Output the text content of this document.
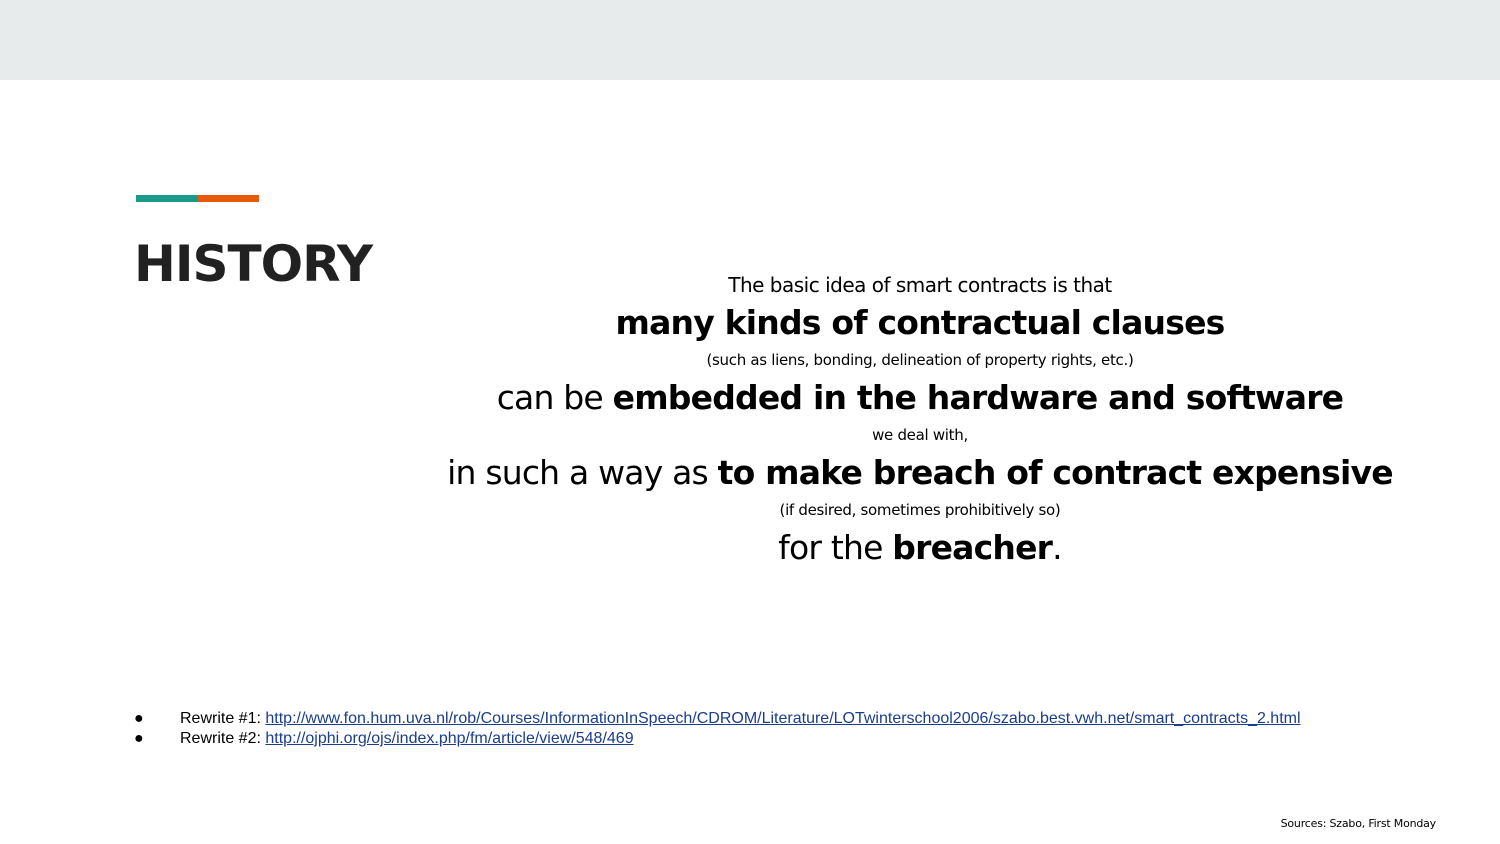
HISTORY	The basic idea of smart contracts is that
many kinds of contractual clauses
(such as liens, bonding, delineation of property rights, etc.)
can be embedded in the hardware and software
we deal with,
in such a way as to make breach of contract expensive
(if desired, sometimes prohibitively so)
for the breacher.
● Rewrite #1: http://www.fon.hum.uva.nl/rob/Courses/InformationInSpeech/CDROM/Literature/LOTwinterschool2006/szabo.best.vwh.net/smart_contracts_2.html
● Rewrite #2: http://ojphi.org/ojs/index.php/fm/article/view/548/469
Sources: Szabo, First Monday
